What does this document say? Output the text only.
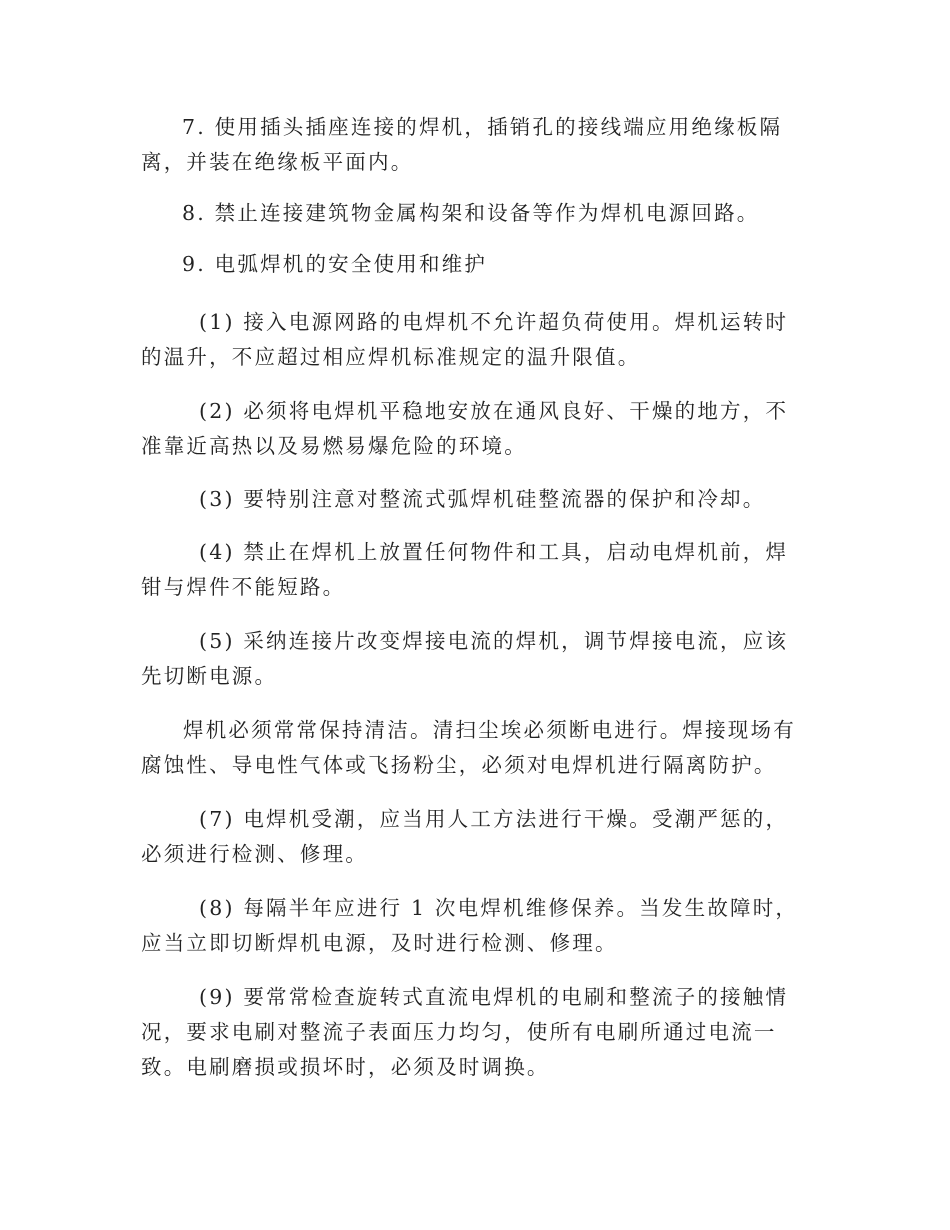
7. 使用插头插座连接的焊机，插销孔的接线端应用绝缘板隔离，并装在绝缘板平面内。

8. 禁止连接建筑物金属构架和设备等作为焊机电源回路。

9. 电弧焊机的安全使用和维护

(1) 接入电源网路的电焊机不允许超负荷使用。焊机运转时的温升，不应超过相应焊机标准规定的温升限值。

(2) 必须将电焊机平稳地安放在通风良好、干燥的地方，不准靠近高热以及易燃易爆危险的环境。

(3) 要特别注意对整流式弧焊机硅整流器的保护和冷却。

(4) 禁止在焊机上放置任何物件和工具，启动电焊机前，焊钳与焊件不能短路。

(5) 采纳连接片改变焊接电流的焊机，调节焊接电流，应该先切断电源。

焊机必须常常保持清洁。清扫尘埃必须断电进行。焊接现场有腐蚀性、导电性气体或飞扬粉尘，必须对电焊机进行隔离防护。

(7) 电焊机受潮，应当用人工方法进行干燥。受潮严惩的，必须进行检测、修理。

(8) 每隔半年应进行 1 次电焊机维修保养。当发生故障时，应当立即切断焊机电源，及时进行检测、修理。

(9) 要常常检查旋转式直流电焊机的电刷和整流子的接触情况，要求电刷对整流子表面压力均匀，使所有电刷所通过电流一致。电刷磨损或损坏时，必须及时调换。
